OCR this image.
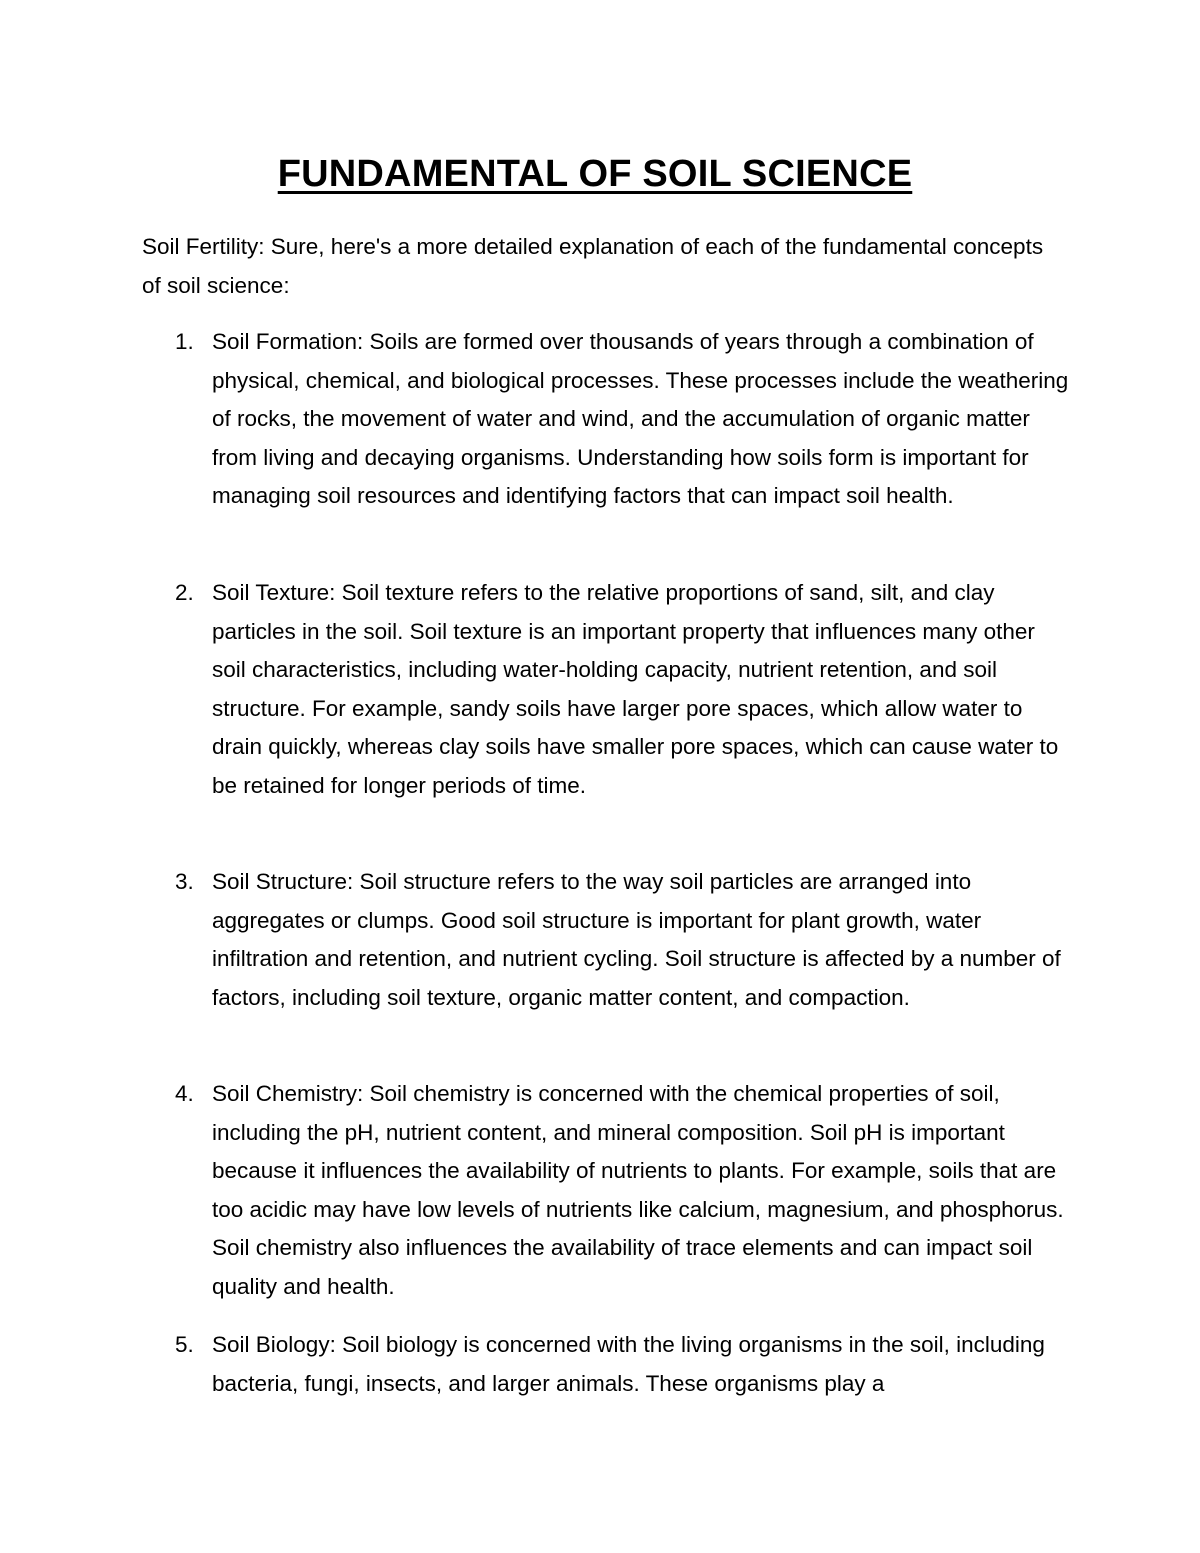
FUNDAMENTAL OF SOIL SCIENCE
Soil Fertility: Sure, here's a more detailed explanation of each of the fundamental concepts of soil science:
1. Soil Formation: Soils are formed over thousands of years through a combination of physical, chemical, and biological processes. These processes include the weathering of rocks, the movement of water and wind, and the accumulation of organic matter from living and decaying organisms. Understanding how soils form is important for managing soil resources and identifying factors that can impact soil health.
2. Soil Texture: Soil texture refers to the relative proportions of sand, silt, and clay particles in the soil. Soil texture is an important property that influences many other soil characteristics, including water-holding capacity, nutrient retention, and soil structure. For example, sandy soils have larger pore spaces, which allow water to drain quickly, whereas clay soils have smaller pore spaces, which can cause water to be retained for longer periods of time.
3. Soil Structure: Soil structure refers to the way soil particles are arranged into aggregates or clumps. Good soil structure is important for plant growth, water infiltration and retention, and nutrient cycling. Soil structure is affected by a number of factors, including soil texture, organic matter content, and compaction.
4. Soil Chemistry: Soil chemistry is concerned with the chemical properties of soil, including the pH, nutrient content, and mineral composition. Soil pH is important because it influences the availability of nutrients to plants. For example, soils that are too acidic may have low levels of nutrients like calcium, magnesium, and phosphorus. Soil chemistry also influences the availability of trace elements and can impact soil quality and health.
5. Soil Biology: Soil biology is concerned with the living organisms in the soil, including bacteria, fungi, insects, and larger animals. These organisms play a
